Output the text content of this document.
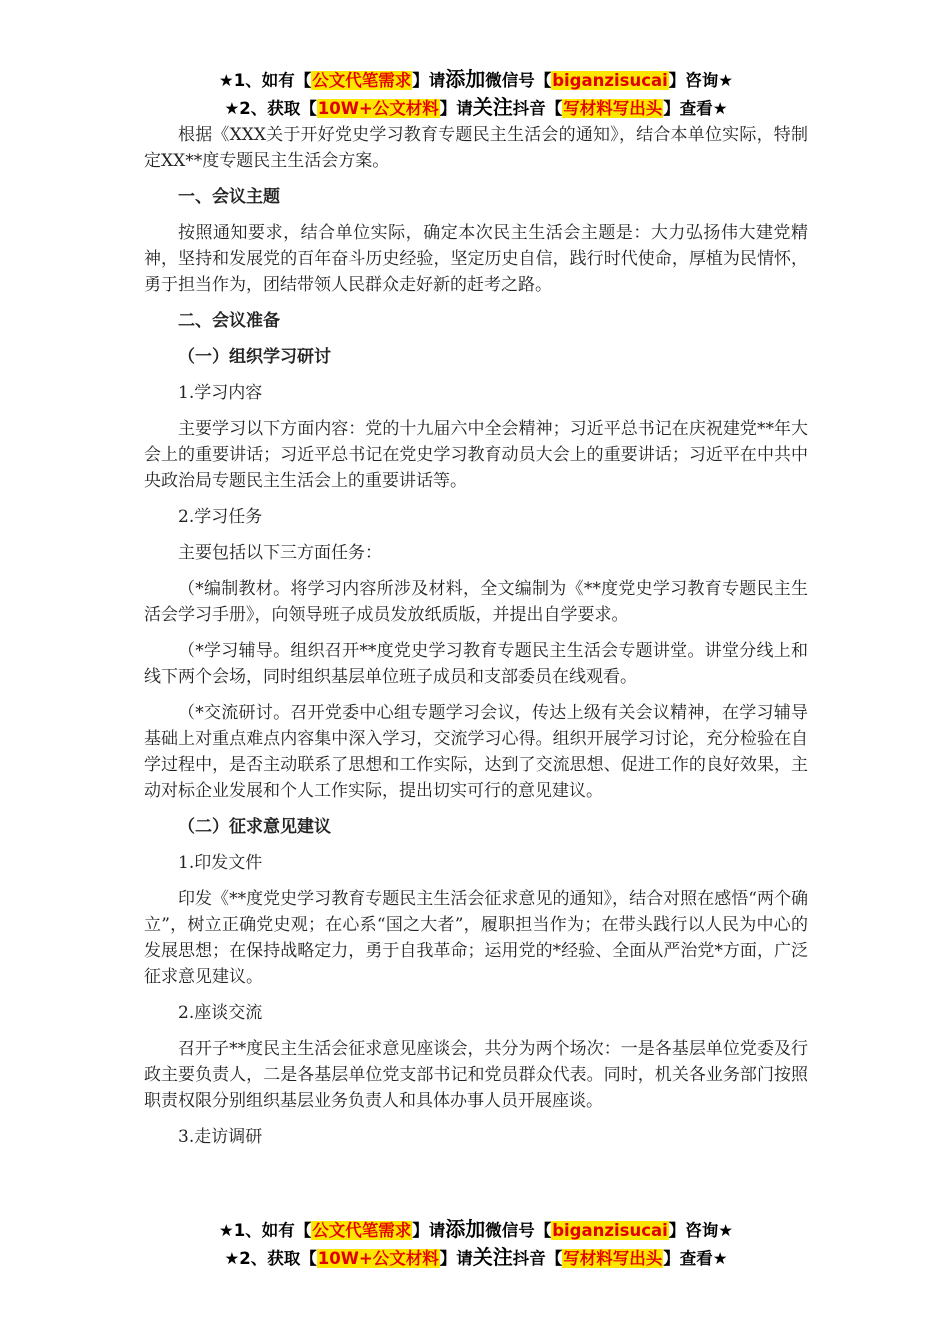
★1、如有【公文代笔需求】请添加微信号【biganzisucai】咨询★
★2、获取【10W+公文材料】请关注抖音【写材料写出头】查看★

根据《XXX关于开好党史学习教育专题民主生活会的通知》，结合本单位实际，特制定XX**度专题民主生活会方案。

一、会议主题

按照通知要求，结合单位实际，确定本次民主生活会主题是：大力弘扬伟大建党精神，坚持和发展党的百年奋斗历史经验，坚定历史自信，践行时代使命，厚植为民情怀，勇于担当作为，团结带领人民群众走好新的赶考之路。

二、会议准备

（一）组织学习研讨

1.学习内容

主要学习以下方面内容：党的十九届六中全会精神；习近平总书记在庆祝建党**年大会上的重要讲话；习近平总书记在党史学习教育动员大会上的重要讲话；习近平在中共中央政治局专题民主生活会上的重要讲话等。

2.学习任务

主要包括以下三方面任务：

（*编制教材。将学习内容所涉及材料，全文编制为《**度党史学习教育专题民主生活会学习手册》，向领导班子成员发放纸质版，并提出自学要求。

（*学习辅导。组织召开**度党史学习教育专题民主生活会专题讲堂。讲堂分线上和线下两个会场，同时组织基层单位班子成员和支部委员在线观看。

（*交流研讨。召开党委中心组专题学习会议，传达上级有关会议精神，在学习辅导基础上对重点难点内容集中深入学习，交流学习心得。组织开展学习讨论，充分检验在自学过程中，是否主动联系了思想和工作实际，达到了交流思想、促进工作的良好效果，主动对标企业发展和个人工作实际，提出切实可行的意见建议。

（二）征求意见建议

1.印发文件

印发《**度党史学习教育专题民主生活会征求意见的通知》，结合对照在感悟“两个确立”，树立正确党史观；在心系“国之大者”，履职担当作为；在带头践行以人民为中心的发展思想；在保持战略定力，勇于自我革命；运用党的*经验、全面从严治党*方面，广泛征求意见建议。

2.座谈交流

召开子**度民主生活会征求意见座谈会，共分为两个场次：一是各基层单位党委及行政主要负责人，二是各基层单位党支部书记和党员群众代表。同时，机关各业务部门按照职责权限分别组织基层业务负责人和具体办事人员开展座谈。

3.走访调研

★1、如有【公文代笔需求】请添加微信号【biganzisucai】咨询★
★2、获取【10W+公文材料】请关注抖音【写材料写出头】查看★
